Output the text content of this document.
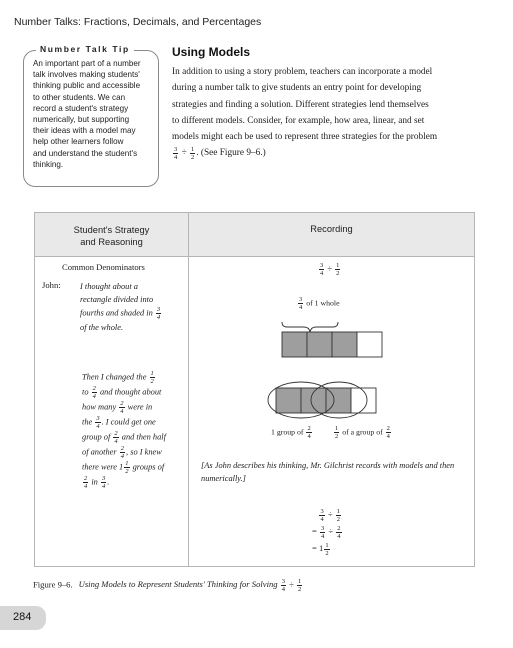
Number Talks: Fractions, Decimals, and Percentages
Number Talk Tip
An important part of a number
talk involves making students'
thinking public and accessible
to other students. We can
record a student's strategy
numerically, but supporting
their ideas with a model may
help other learners follow
and understand the student's
thinking.
Using Models
In addition to using a story problem, teachers can incorporate a model
during a number talk to give students an entry point for developing
strategies and finding a solution. Different strategies lend themselves
to different models. Consider, for example, how area, linear, and set
models might each be used to represent three strategies for the problem
$\frac{3}{4} \div \frac{1}{2}$ . (See Figure 9–6.)
Student's Strategy
and Reasoning
Recording
Common Denominators
John: I thought about a
rectangle divided into
fourths and shaded in $\frac{3}{4}$
of the whole.
Then I changed the $\frac{1}{2}$
to $\frac{2}{4}$ and thought about
how many $\frac{2}{4}$ were in
the $\frac{3}{4}$ . I could get one
group of $\frac{2}{4}$ and then half
of another $\frac{2}{4}$ , so I knew
there were $1 \frac{1}{2}$ groups of
$\frac{2}{4}$ in $\frac{3}{4}$ .
$\frac{3}{4} \div \frac{1}{2}$
$\frac{3}{4}$ of 1 whole
1 group of $\frac{2}{4}$	$\frac{1}{2}$ of a group of $\frac{2}{4}$
[As John describes his thinking, Mr. Gilchrist records with models and then numerically.]

$\frac{3}{4} \div \frac{1}{2}$
= $\frac{3}{4} \div \frac{2}{4}$
= $1 \frac{1}{2}$
Figure 9–6. Using Models to Represent Students' Thinking for Solving $\frac{3}{4} \div \frac{1}{2}$
284
